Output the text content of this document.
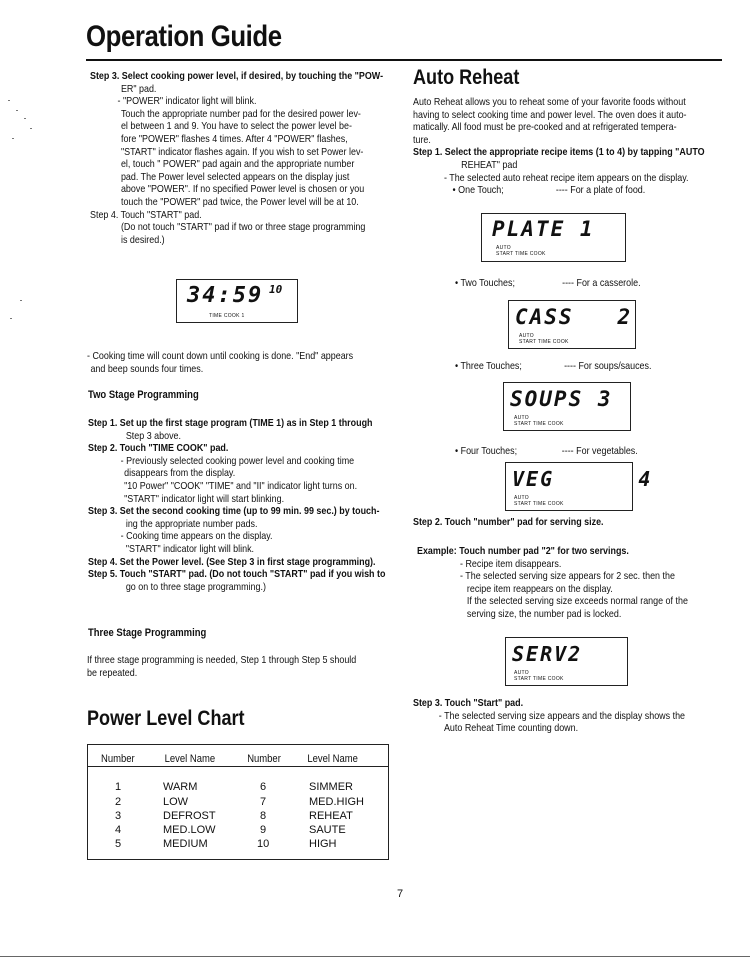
Operation Guide
Step 3. Select cooking power level, if desired, by touching the "POW-
ER" pad.
- "POWER" indicator light will blink.
Touch the appropriate number pad for the desired power lev-
el between 1 and 9. You have to select the power level be-
fore "POWER" flashes 4 times. After 4 "POWER" flashes,
"START" indicator flashes again. If you wish to set Power lev-
el, touch " POWER" pad again and the appropriate number
pad. The Power level selected appears on the display just
above "POWER". If no specified Power level is chosen or you
touch the "POWER" pad twice, the Power level will be at 10.
Step 4. Touch "START" pad.
(Do not touch "START" pad if two or three stage programming
is desired.)
34:59 10
TIME COOK 1
- Cooking time will count down until cooking is done. "End" appears
and beep sounds four times.
Two Stage Programming
Step 1. Set up the first stage program (TIME 1) as in Step 1 through
Step 3 above.
Step 2. Touch "TIME COOK" pad.
- Previously selected cooking power level and cooking time
disappears from the display.
"10 Power" "COOK" "TIME" and "II" indicator light turns on.
"START" indicator light will start blinking.
Step 3. Set the second cooking time (up to 99 min. 99 sec.) by touch-
ing the appropriate number pads.
- Cooking time appears on the display.
"START" indicator light will blink.
Step 4. Set the Power level. (See Step 3 in first stage programming).
Step 5. Touch "START" pad. (Do not touch "START" pad if you wish to
go on to three stage programming.)
Three Stage Programming
If three stage programming is needed, Step 1 through Step 5 should
be repeated.
Power Level Chart
Number	Level Name	Number Level Name
1	WARM	6	SIMMER
2	LOW	7	MED.HIGH
3	DEFROST	8	REHEAT
4	MED.LOW	9	SAUTE
5	MEDIUM	10	HIGH
Auto Reheat
Auto Reheat allows you to reheat some of your favorite foods without
having to select cooking time and power level. The oven does it auto-
matically. All food must be pre-cooked and at refrigerated tempera-
ture.
Step 1. Select the appropriate recipe items (1 to 4) by tapping "AUTO
REHEAT" pad
- The selected auto reheat recipe item appears on the display.
• One Touch;                     ---- For a plate of food.
PLATE 1
AUTO
START TIME COOK
• Two Touches;                   ---- For a casserole.
CASS   2
AUTO
START TIME COOK
• Three Touches;                 ---- For soups/sauces.
SOUPS 3
AUTO
START TIME COOK
• Four Touches;                  ---- For vegetables.
VEG      4
AUTO
START TIME COOK
Step 2. Touch "number" pad for serving size.
Example: Touch number pad "2" for two servings.
- Recipe item disappears.
- The selected serving size appears for 2 sec. then the
recipe item reappears on the display.
If the selected serving size exceeds normal range of the
serving size, the number pad is locked.
SERV2
AUTO
START TIME COOK
Step 3. Touch "Start" pad.
- The selected serving size appears and the display shows the
Auto Reheat Time counting down.
7
